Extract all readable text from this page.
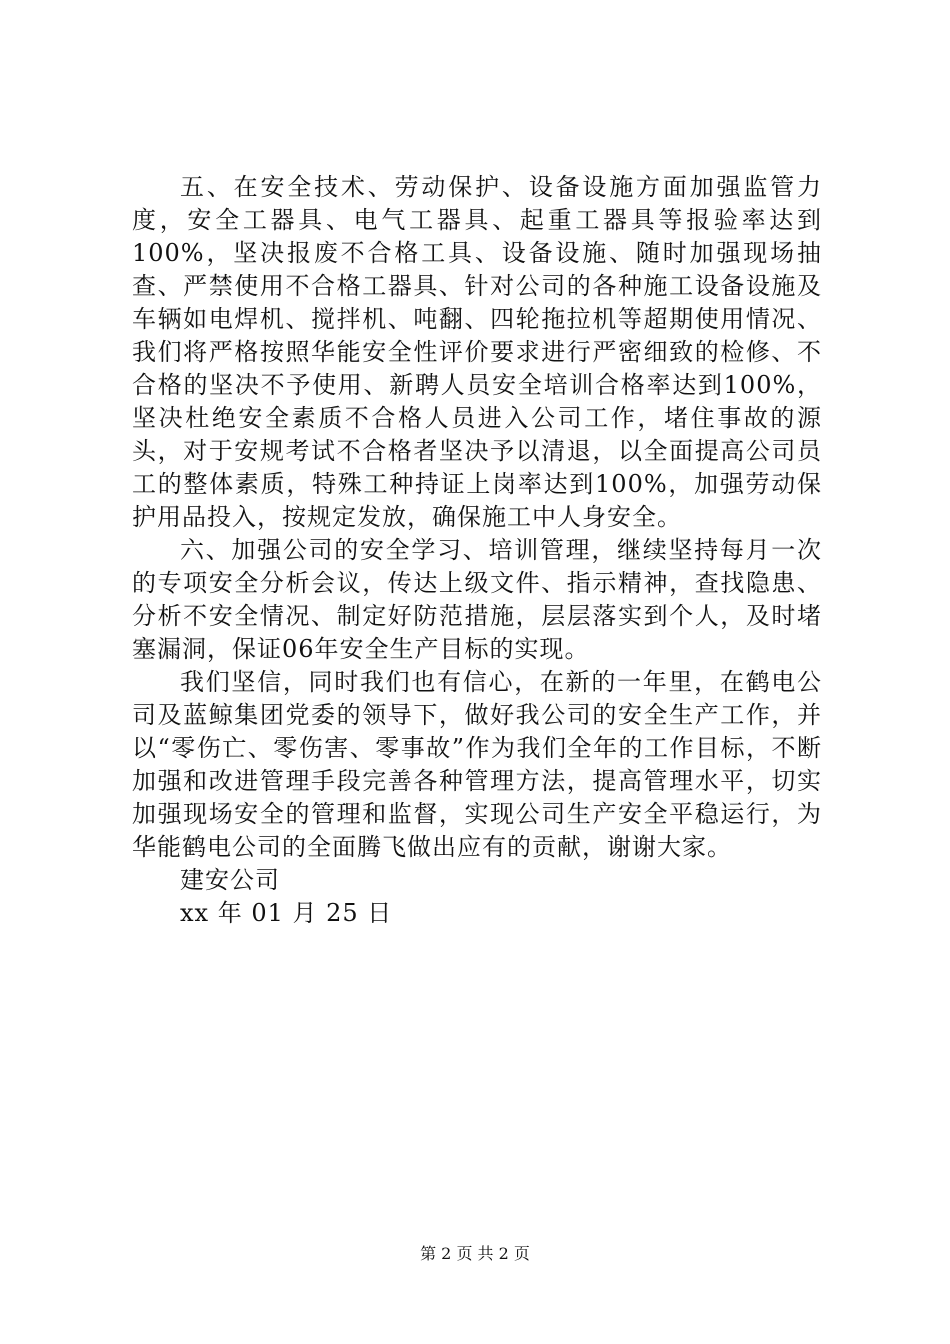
五、在安全技术、劳动保护、设备设施方面加强监管力度，安全工器具、电气工器具、起重工器具等报验率达到100%，坚决报废不合格工具、设备设施、随时加强现场抽查、严禁使用不合格工器具、针对公司的各种施工设备设施及车辆如电焊机、搅拌机、吨翻、四轮拖拉机等超期使用情况、我们将严格按照华能安全性评价要求进行严密细致的检修、不合格的坚决不予使用、新聘人员安全培训合格率达到100%，坚决杜绝安全素质不合格人员进入公司工作，堵住事故的源头，对于安规考试不合格者坚决予以清退，以全面提高公司员工的整体素质，特殊工种持证上岗率达到100%，加强劳动保护用品投入，按规定发放，确保施工中人身安全。

六、加强公司的安全学习、培训管理，继续坚持每月一次的专项安全分析会议，传达上级文件、指示精神，查找隐患、分析不安全情况、制定好防范措施，层层落实到个人，及时堵塞漏洞，保证06年安全生产目标的实现。

我们坚信，同时我们也有信心，在新的一年里，在鹤电公司及蓝鲸集团党委的领导下，做好我公司的安全生产工作，并以“零伤亡、零伤害、零事故”作为我们全年的工作目标，不断加强和改进管理手段完善各种管理方法，提高管理水平，切实加强现场安全的管理和监督，实现公司生产安全平稳运行，为华能鹤电公司的全面腾飞做出应有的贡献，谢谢大家。

建安公司

xx 年 01 月 25 日

第 2 页 共 2 页
